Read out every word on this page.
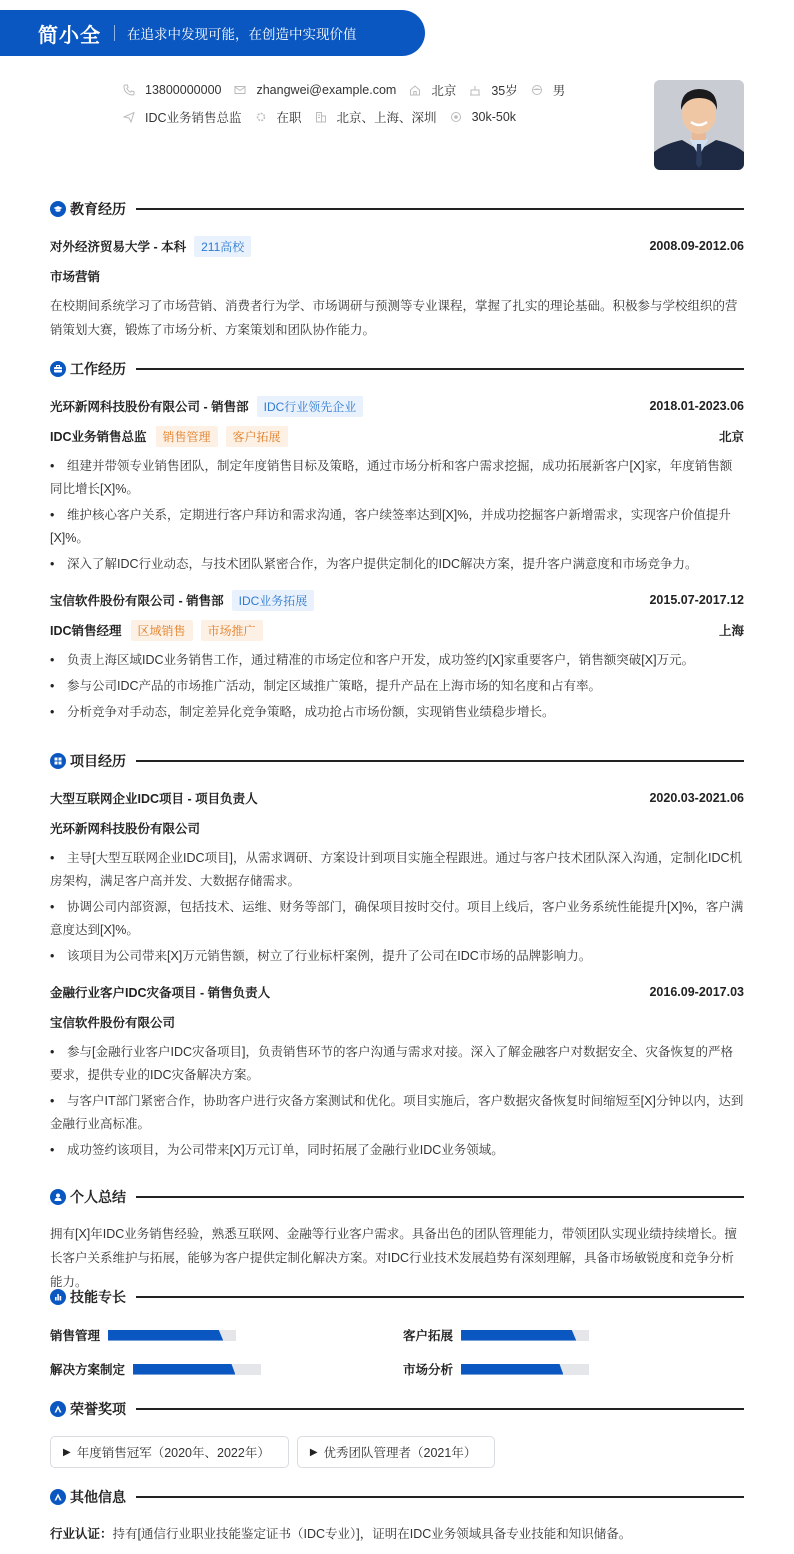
简小全 在追求中发现可能，在创造中实现价值
13800000000	zhangwei@example.com	北京	35岁	男
IDC业务销售总监	在职	北京、上海、深圳	30k-50k
教育经历
对外经济贸易大学 - 本科	211高校	2008.09-2012.06
市场营销
在校期间系统学习了市场营销、消费者行为学、市场调研与预测等专业课程，掌握了扎实的理论基础。积极参与学校组织的营销策划大赛，锻炼了市场分析、方案策划和团队协作能力。
工作经历
光环新网科技股份有限公司 - 销售部	IDC行业领先企业	2018.01-2023.06
IDC业务销售总监	销售管理	客户拓展	北京
•组建并带领专业销售团队，制定年度销售目标及策略，通过市场分析和客户需求挖掘，成功拓展新客户[X]家，年度销售额同比增长[X]%。
•维护核心客户关系，定期进行客户拜访和需求沟通，客户续签率达到[X]%，并成功挖掘客户新增需求，实现客户价值提升[X]%。
•深入了解IDC行业动态，与技术团队紧密合作，为客户提供定制化的IDC解决方案，提升客户满意度和市场竞争力。
宝信软件股份有限公司 - 销售部	IDC业务拓展	2015.07-2017.12
IDC销售经理	区域销售	市场推广	上海
•负责上海区域IDC业务销售工作，通过精准的市场定位和客户开发，成功签约[X]家重要客户，销售额突破[X]万元。
•参与公司IDC产品的市场推广活动，制定区域推广策略，提升产品在上海市场的知名度和占有率。
•分析竞争对手动态，制定差异化竞争策略，成功抢占市场份额，实现销售业绩稳步增长。
项目经历
大型互联网企业IDC项目 - 项目负责人	2020.03-2021.06
光环新网科技股份有限公司
•主导[大型互联网企业IDC项目]，从需求调研、方案设计到项目实施全程跟进。通过与客户技术团队深入沟通，定制化IDC机房架构，满足客户高并发、大数据存储需求。
•协调公司内部资源，包括技术、运维、财务等部门，确保项目按时交付。项目上线后，客户业务系统性能提升[X]%，客户满意度达到[X]%。
•该项目为公司带来[X]万元销售额，树立了行业标杆案例，提升了公司在IDC市场的品牌影响力。
金融行业客户IDC灾备项目 - 销售负责人	2016.09-2017.03
宝信软件股份有限公司
•参与[金融行业客户IDC灾备项目]，负责销售环节的客户沟通与需求对接。深入了解金融客户对数据安全、灾备恢复的严格要求，提供专业的IDC灾备解决方案。
•与客户IT部门紧密合作，协助客户进行灾备方案测试和优化。项目实施后，客户数据灾备恢复时间缩短至[X]分钟以内，达到金融行业高标准。
•成功签约该项目，为公司带来[X]万元订单，同时拓展了金融行业IDC业务领域。
个人总结
拥有[X]年IDC业务销售经验，熟悉互联网、金融等行业客户需求。具备出色的团队管理能力，带领团队实现业绩持续增长。擅长客户关系维护与拓展，能够为客户提供定制化解决方案。对IDC行业技术发展趋势有深刻理解，具备市场敏锐度和竞争分析能力。
技能专长
销售管理	客户拓展
解决方案制定	市场分析
荣誉奖项
▶ 年度销售冠军（2020年、2022年）	▶ 优秀团队管理者（2021年）
其他信息
行业认证：持有[通信行业职业技能鉴定证书（IDC专业）]，证明在IDC业务领域具备专业技能和知识储备。
